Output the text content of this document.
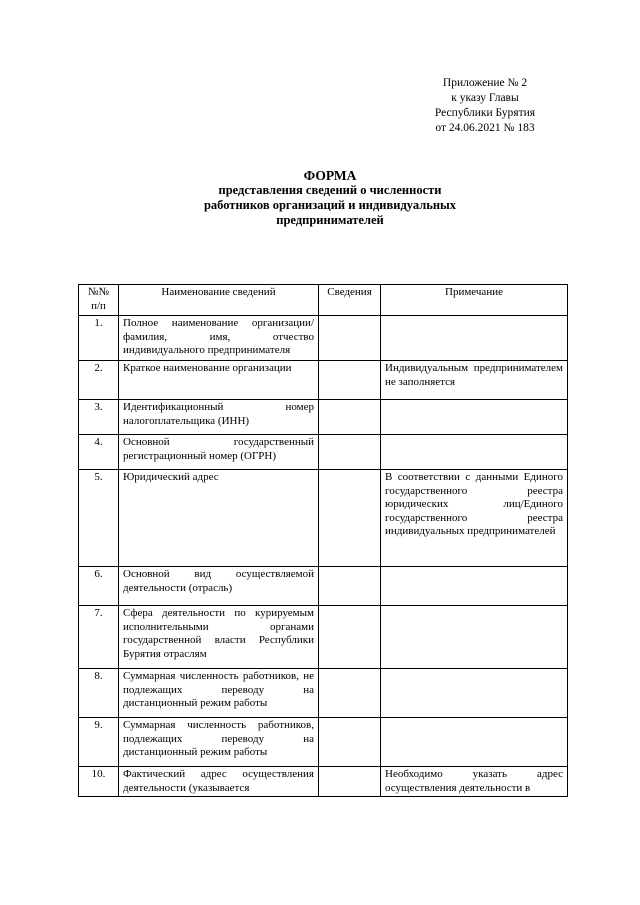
Приложение № 2
к указу Главы
Республики Бурятия
от 24.06.2021 № 183
ФОРМА
представления сведений о численности
работников организаций и индивидуальных
предпринимателей
№№ п/п	Наименование сведений	Сведения	Примечание
1.	Полное наименование организации/фамилия, имя, отчество индивидуального предпринимателя		
2.	Краткое наименование организации		Индивидуальным предпринимателем не заполняется
3.	Идентификационный номер налогоплательщика (ИНН)		
4.	Основной государственный регистрационный номер (ОГРН)		
5.	Юридический адрес		В соответствии с данными Единого государственного реестра юридических лиц/Единого государственного реестра индивидуальных предпринимателей
6.	Основной вид осуществляемой деятельности (отрасль)		
7.	Сфера деятельности по курируемым исполнительными органами государственной власти Республики Бурятия отраслям		
8.	Суммарная численность работников, не подлежащих переводу на дистанционный режим работы		
9.	Суммарная численность работников, подлежащих переводу на дистанционный режим работы		
10.	Фактический адрес осуществления деятельности (указывается		Необходимо указать адрес осуществления деятельности в
